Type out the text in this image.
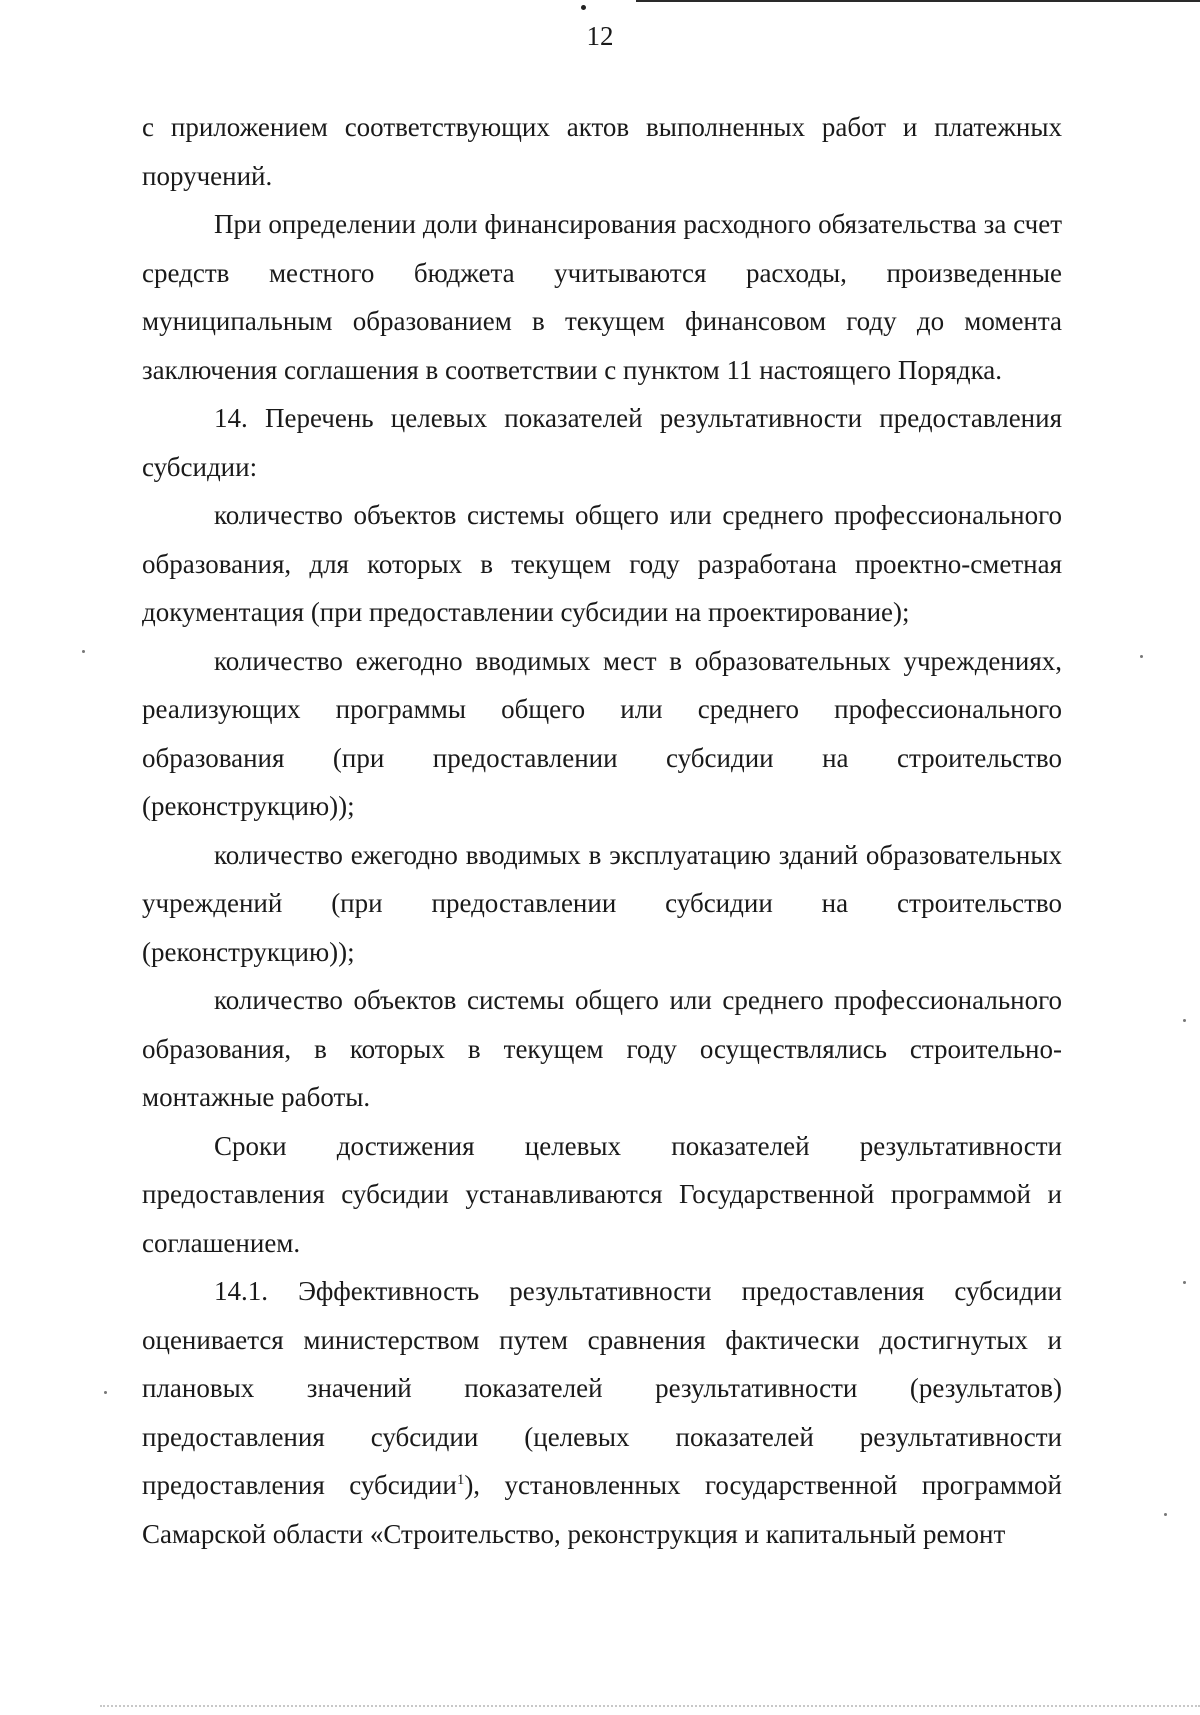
12

с приложением соответствующих актов выполненных работ и платежных поручений.

При определении доли финансирования расходного обязательства за счет средств местного бюджета учитываются расходы, произведенные муниципальным образованием в текущем финансовом году до момента заключения соглашения в соответствии с пунктом 11 настоящего Порядка.

14. Перечень целевых показателей результативности предоставления субсидии:

количество объектов системы общего или среднего профессионального образования, для которых в текущем году разработана проектно-сметная документация (при предоставлении субсидии на проектирование);

количество ежегодно вводимых мест в образовательных учреждениях, реализующих программы общего или среднего профессионального образования (при предоставлении субсидии на строительство (реконструкцию));

количество ежегодно вводимых в эксплуатацию зданий образовательных учреждений (при предоставлении субсидии на строительство (реконструкцию));

количество объектов системы общего или среднего профессионального образования, в которых в текущем году осуществлялись строительно-монтажные работы.

Сроки достижения целевых показателей результативности предоставления субсидии устанавливаются Государственной программой и соглашением.

14.1. Эффективность результативности предоставления субсидии оценивается министерством путем сравнения фактически достигнутых и плановых значений показателей результативности (результатов) предоставления субсидии (целевых показателей результативности предоставления субсидии$^1$), установленных государственной программой Самарской области «Строительство, реконструкция и капитальный ремонт
